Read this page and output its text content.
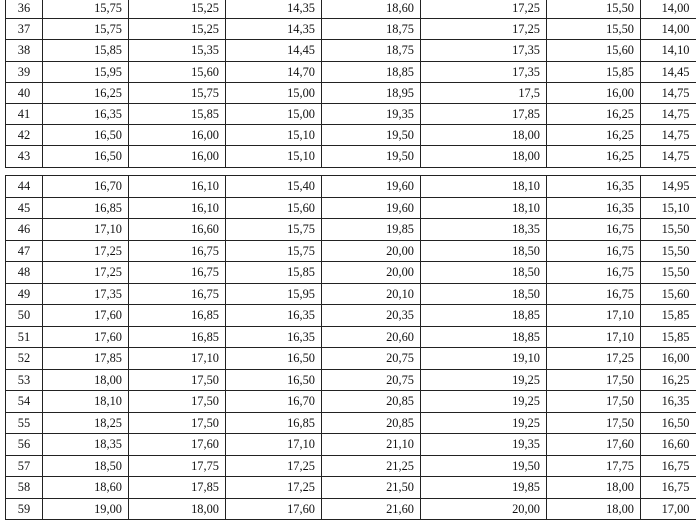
36	15,75	15,25	14,35	18,60	17,25	15,50	14,00
37	15,75	15,25	14,35	18,75	17,25	15,50	14,00
38	15,85	15,35	14,45	18,75	17,35	15,60	14,10
39	15,95	15,60	14,70	18,85	17,35	15,85	14,45
40	16,25	15,75	15,00	18,95	17,5	16,00	14,75
41	16,35	15,85	15,00	19,35	17,85	16,25	14,75
42	16,50	16,00	15,10	19,50	18,00	16,25	14,75
43	16,50	16,00	15,10	19,50	18,00	16,25	14,75
44	16,70	16,10	15,40	19,60	18,10	16,35	14,95
45	16,85	16,10	15,60	19,60	18,10	16,35	15,10
46	17,10	16,60	15,75	19,85	18,35	16,75	15,50
47	17,25	16,75	15,75	20,00	18,50	16,75	15,50
48	17,25	16,75	15,85	20,00	18,50	16,75	15,50
49	17,35	16,75	15,95	20,10	18,50	16,75	15,60
50	17,60	16,85	16,35	20,35	18,85	17,10	15,85
51	17,60	16,85	16,35	20,60	18,85	17,10	15,85
52	17,85	17,10	16,50	20,75	19,10	17,25	16,00
53	18,00	17,50	16,50	20,75	19,25	17,50	16,25
54	18,10	17,50	16,70	20,85	19,25	17,50	16,35
55	18,25	17,50	16,85	20,85	19,25	17,50	16,50
56	18,35	17,60	17,10	21,10	19,35	17,60	16,60
57	18,50	17,75	17,25	21,25	19,50	17,75	16,75
58	18,60	17,85	17,25	21,50	19,85	18,00	16,75
59	19,00	18,00	17,60	21,60	20,00	18,00	17,00
